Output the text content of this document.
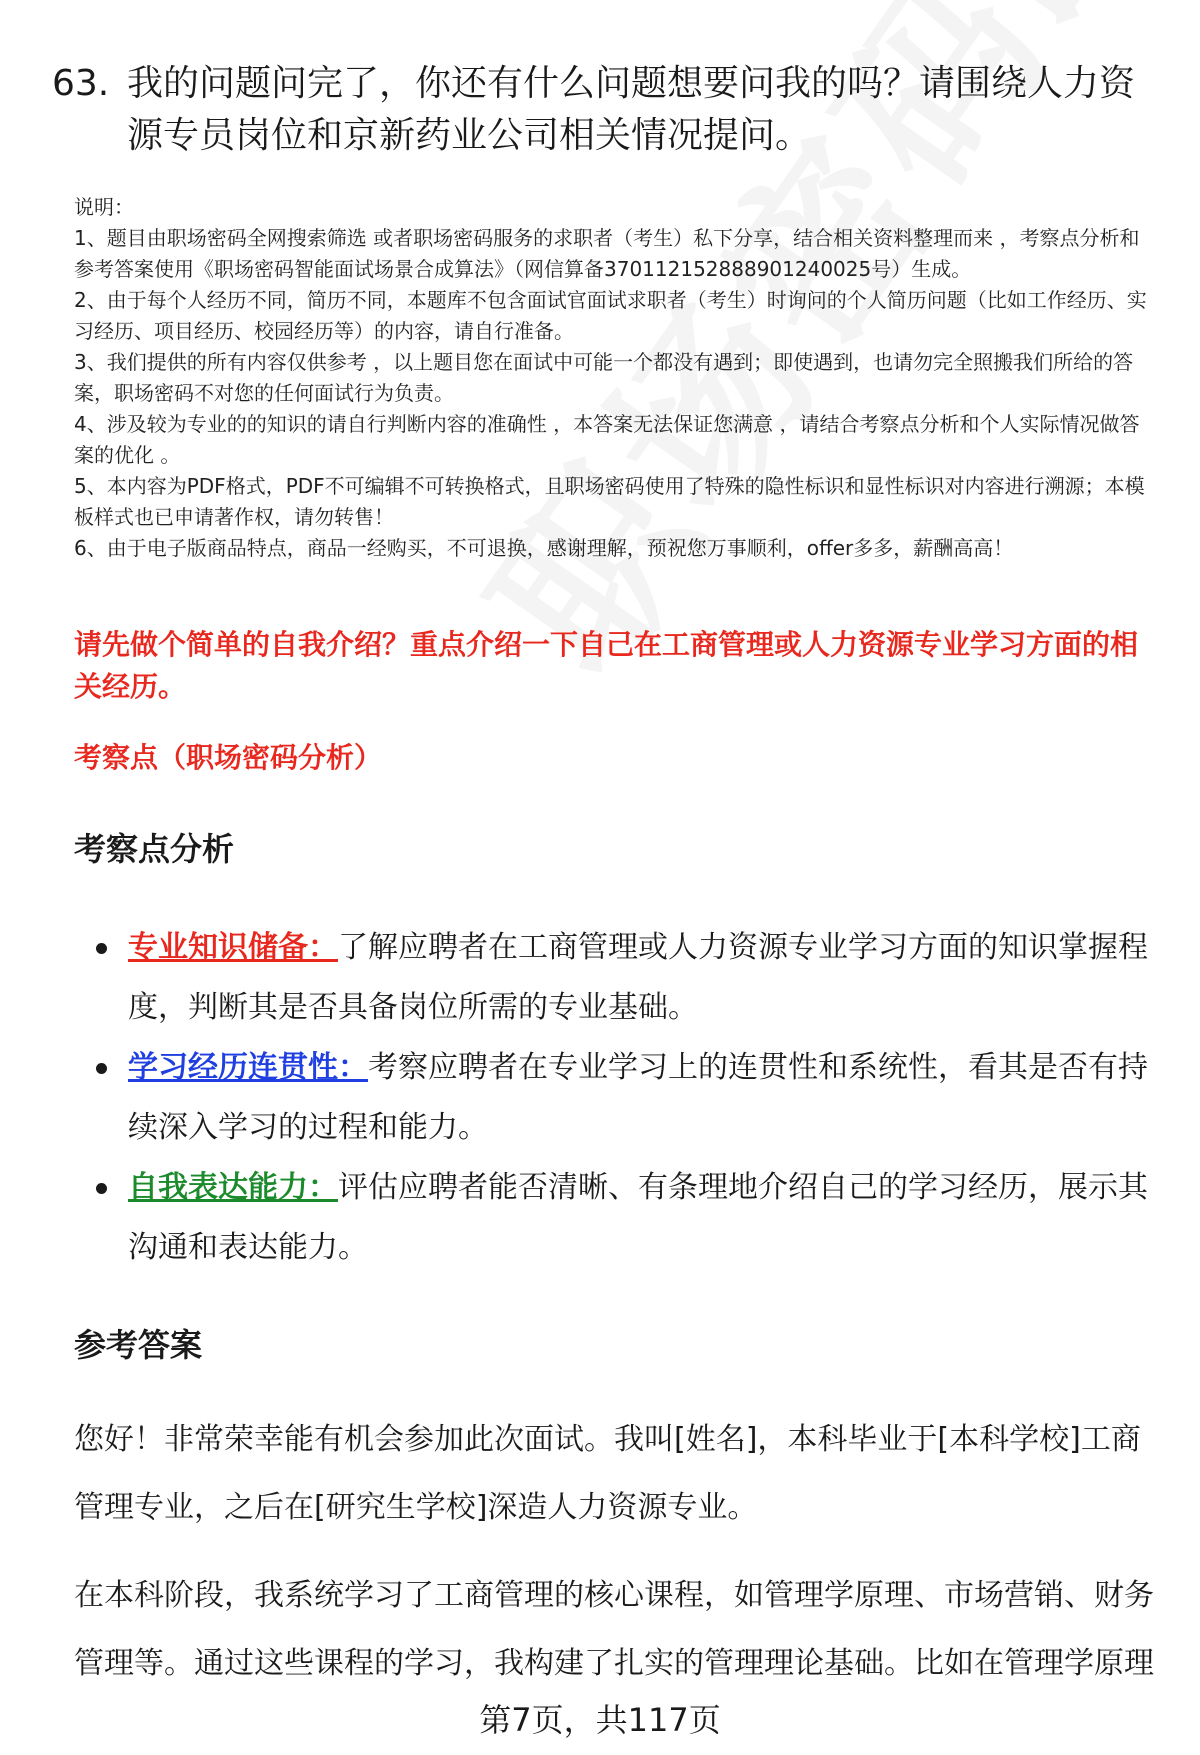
63. 我的问题问完了，你还有什么问题想要问我的吗？请围绕人力资源专员岗位和京新药业公司相关情况提问。

说明：

1、题目由职场密码全网搜索筛选 或者职场密码服务的求职者（考生）私下分享，结合相关资料整理而来 ，考察点分析和参考答案使用《职场密码智能面试场景合成算法》（网信算备370112152888901240025号）生成。

2、由于每个人经历不同，简历不同，本题库不包含面试官面试求职者（考生）时询问的个人简历问题（比如工作经历、实习经历、项目经历、校园经历等）的内容，请自行准备。

3、我们提供的所有内容仅供参考 ，以上题目您在面试中可能一个都没有遇到；即使遇到，也请勿完全照搬我们所给的答案，职场密码不对您的任何面试行为负责。

4、涉及较为专业的的知识的请自行判断内容的准确性 ，本答案无法保证您满意 ，请结合考察点分析和个人实际情况做答案的优化 。

5、本内容为PDF格式，PDF不可编辑不可转换格式，且职场密码使用了特殊的隐性标识和显性标识对内容进行溯源；本模板样式也已申请著作权，请勿转售！

6、由于电子版商品特点，商品一经购买，不可退换，感谢理解，预祝您万事顺利，offer多多，薪酬高高！

请先做个简单的自我介绍？重点介绍一下自己在工商管理或人力资源专业学习方面的相关经历。
考察点（职场密码分析）
考察点分析
专业知识储备：了解应聘者在工商管理或人力资源专业学习方面的知识掌握程度，判断其是否具备岗位所需的专业基础。
学习经历连贯性：考察应聘者在专业学习上的连贯性和系统性，看其是否有持续深入学习的过程和能力。
自我表达能力：评估应聘者能否清晰、有条理地介绍自己的学习经历，展示其沟通和表达能力。
参考答案

您好！非常荣幸能有机会参加此次面试。我叫[姓名]，本科毕业于[本科学校]工商管理专业，之后在[研究生学校]深造人力资源专业。

在本科阶段，我系统学习了工商管理的核心课程，如管理学原理、市场营销、财务管理等。通过这些课程的学习，我构建了扎实的管理理论基础。比如在管理学原理

第7页，共117页
